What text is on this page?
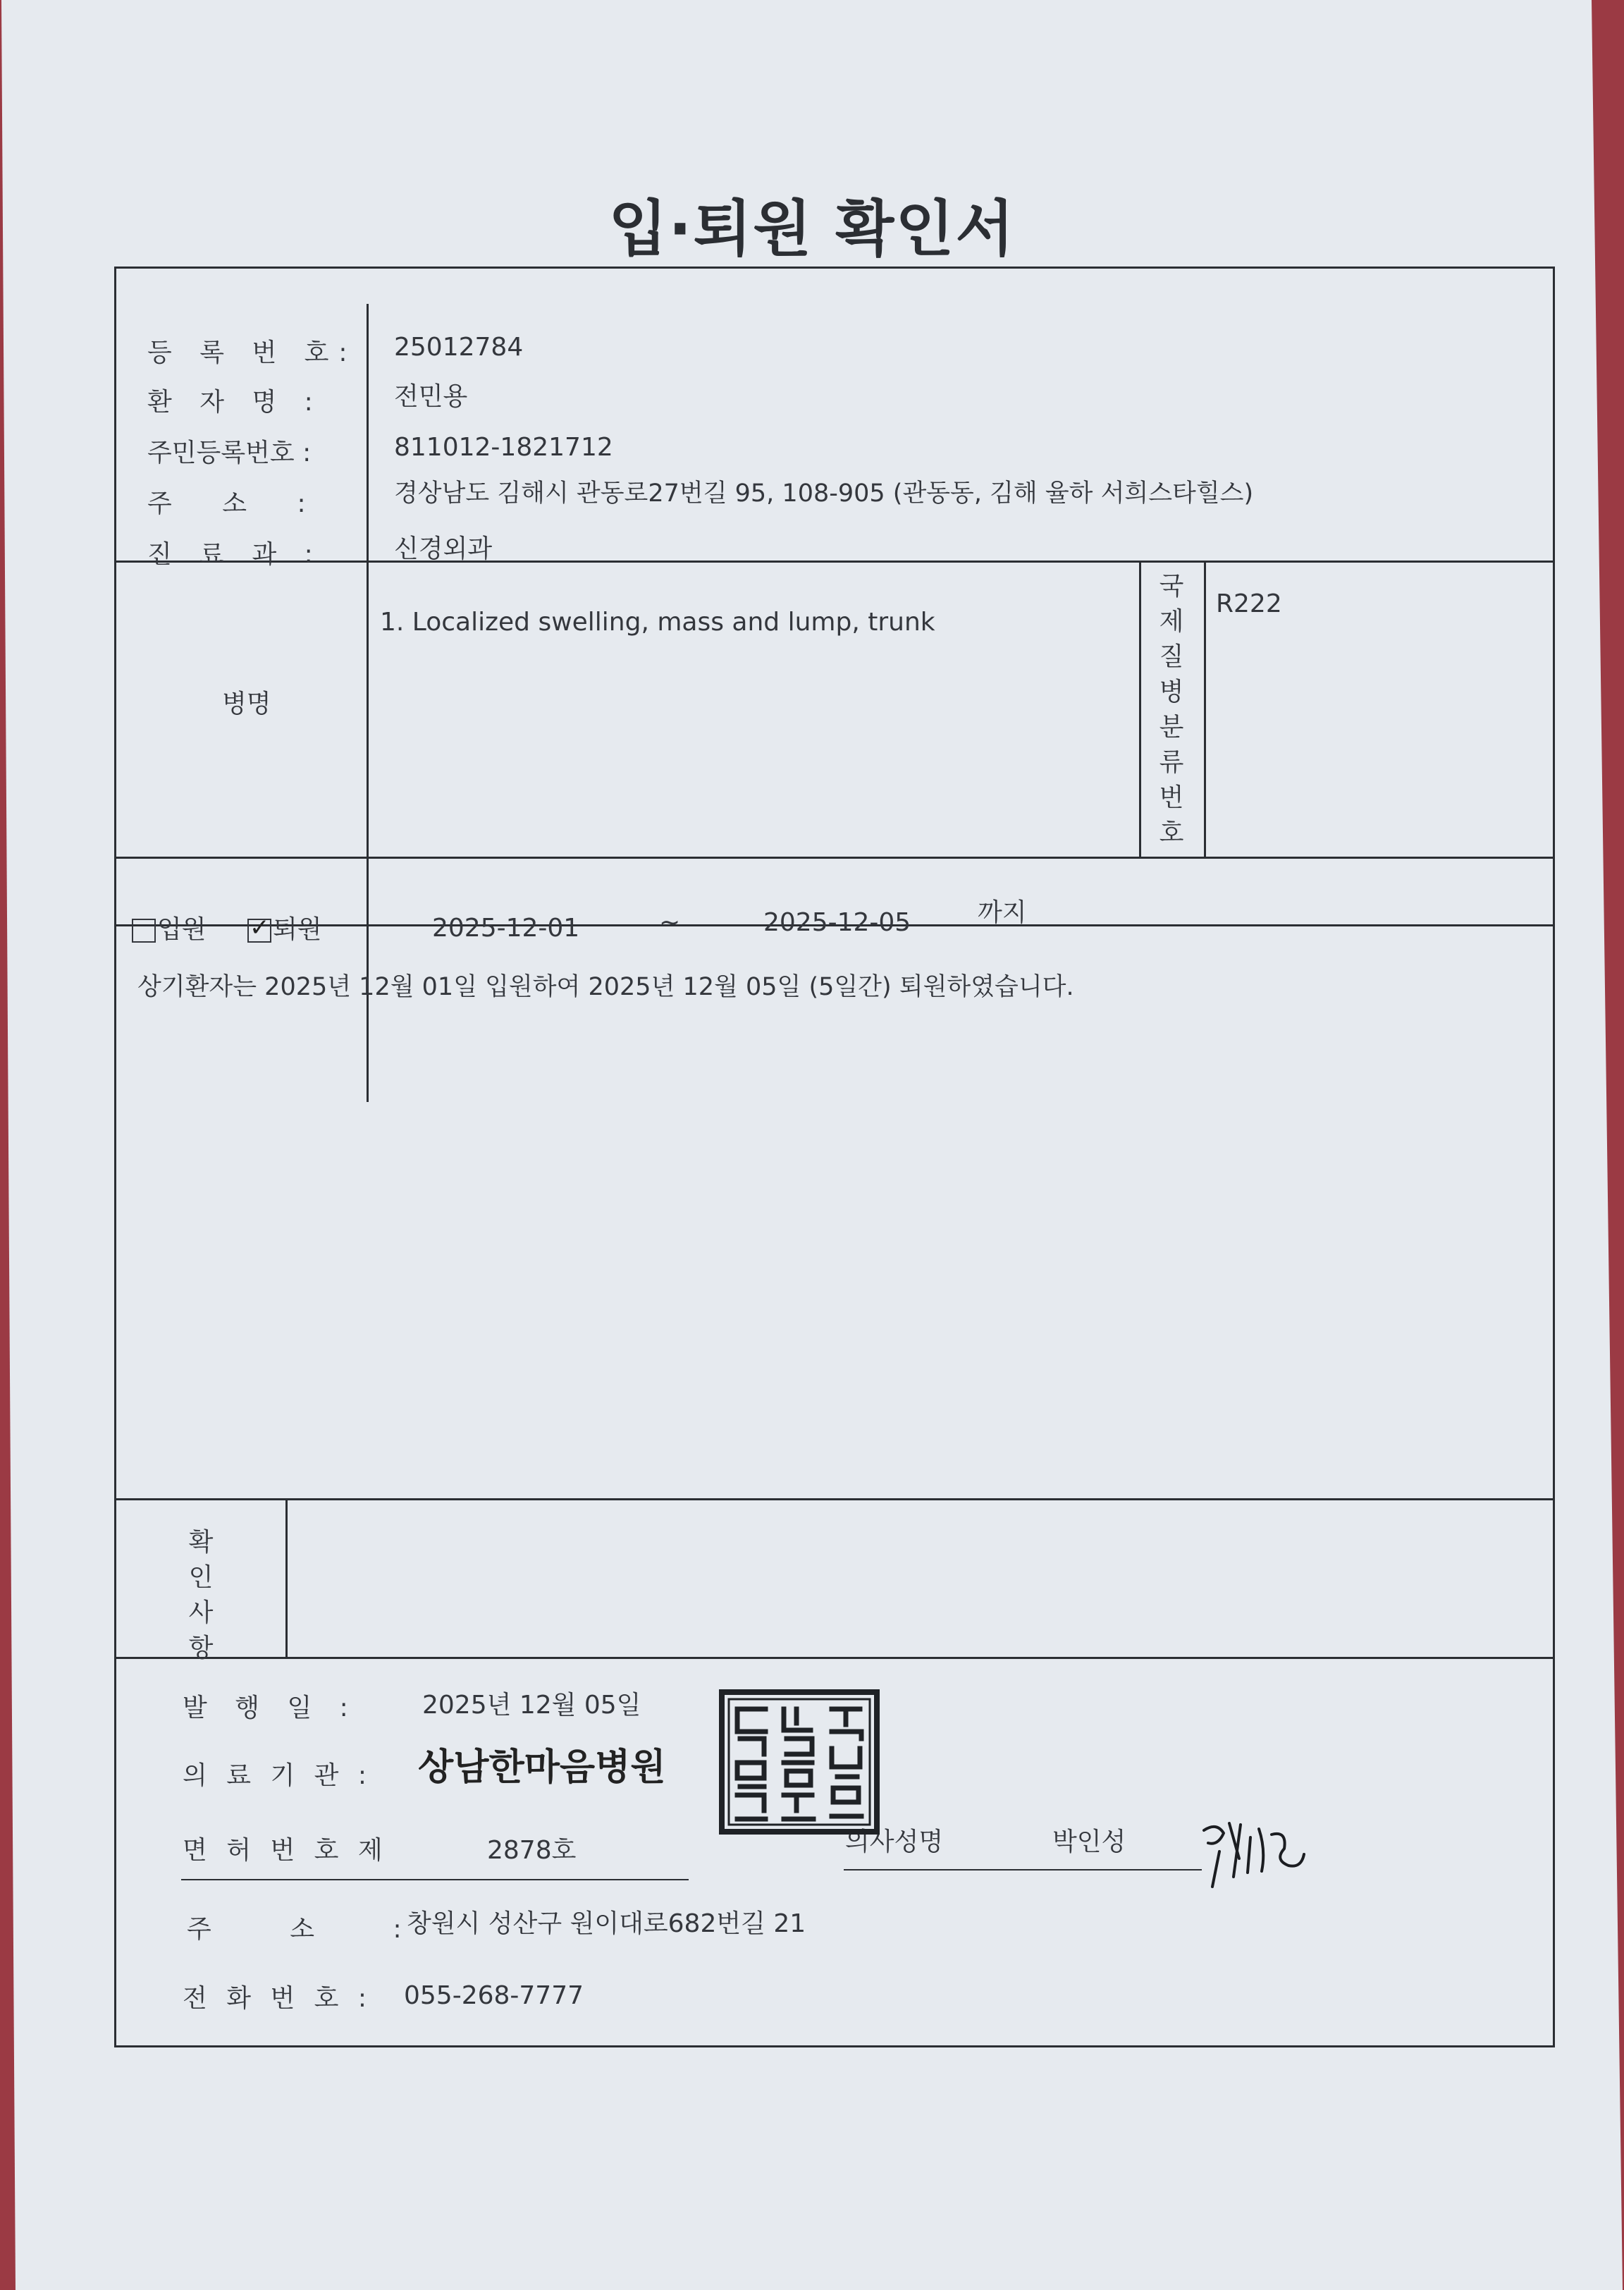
입·퇴원 확인서
등 록 번 호: 25012784
환 자 명 :	전민용
주민등록번호 :	811012-1821712
주 소 :	경상남도 김해시 관동로27번길 95, 108-905 (관동동, 김해 율하 서희스타힐스)
진 료 과 :	신경외과
병명
1. Localized swelling, mass and lump, trunk
국
제
질
병
분
류
번
호
R222
입원
✓	퇴원	2025-12-01	~	2025-12-05	까지
상기환자는 2025년 12월 01일 입원하여 2025년 12월 05일 (5일간) 퇴원하였습니다.
확
인
사
항
발 행 일 :	2025년 12월 05일
의 료 기 관 : 상남한마음병원
면 허 번 호 제	2878호	의사성명	박인성
주 소 : 창원시 성산구 원이대로682번길 21
전 화 번 호 : 055-268-7777
